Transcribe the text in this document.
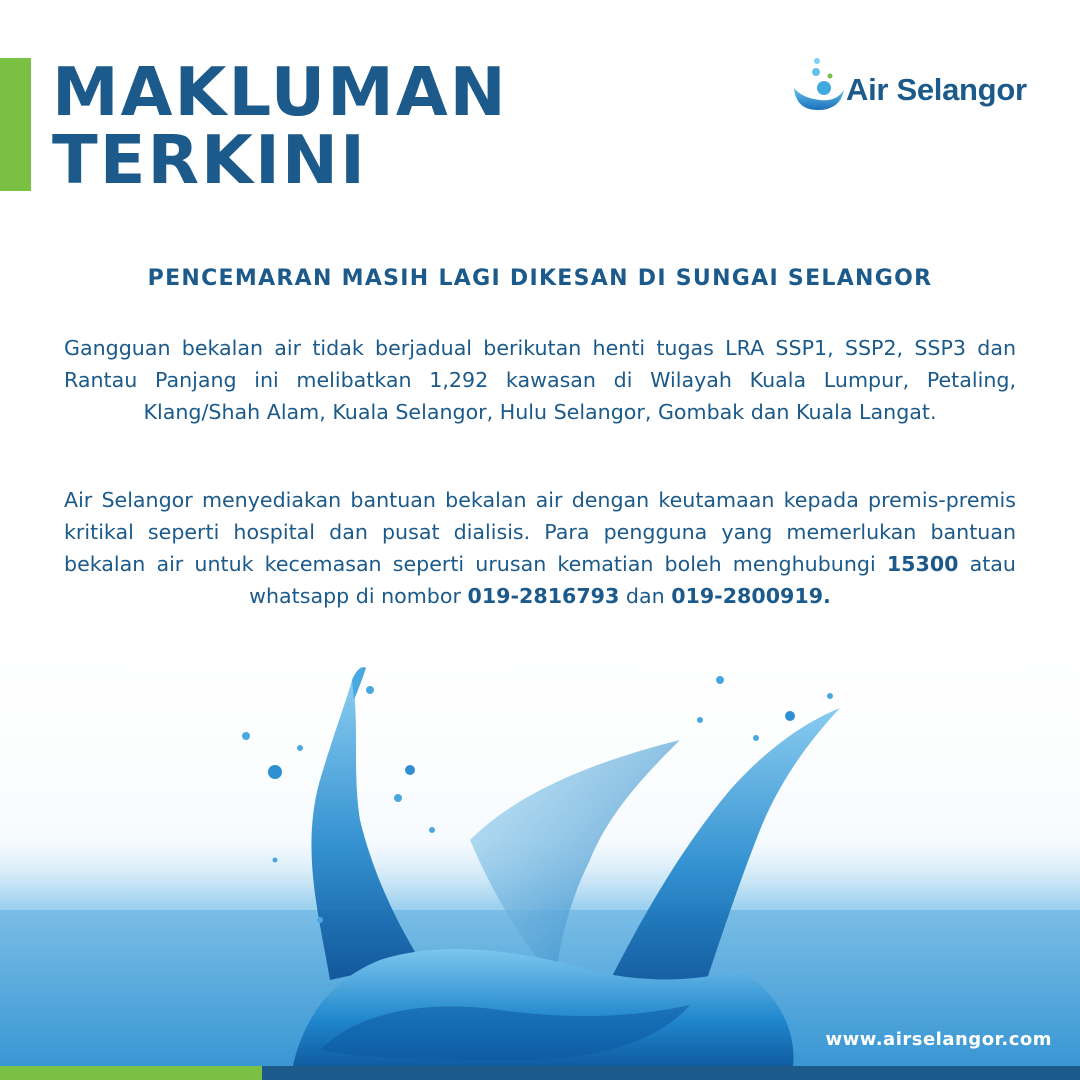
MAKLUMAN
TERKINI
Air Selangor
PENCEMARAN MASIH LAGI DIKESAN DI SUNGAI SELANGOR

Gangguan bekalan air tidak berjadual berikutan henti tugas LRA SSP1, SSP2, SSP3 dan Rantau Panjang ini melibatkan 1,292 kawasan di Wilayah Kuala Lumpur, Petaling, Klang/Shah Alam, Kuala Selangor, Hulu Selangor, Gombak dan Kuala Langat.

Air Selangor menyediakan bantuan bekalan air dengan keutamaan kepada premis-premis kritikal seperti hospital dan pusat dialisis. Para pengguna yang memerlukan bantuan bekalan air untuk kecemasan seperti urusan kematian boleh menghubungi 15300 atau whatsapp di nombor 019-2816793 dan 019-2800919.

www.airselangor.com
